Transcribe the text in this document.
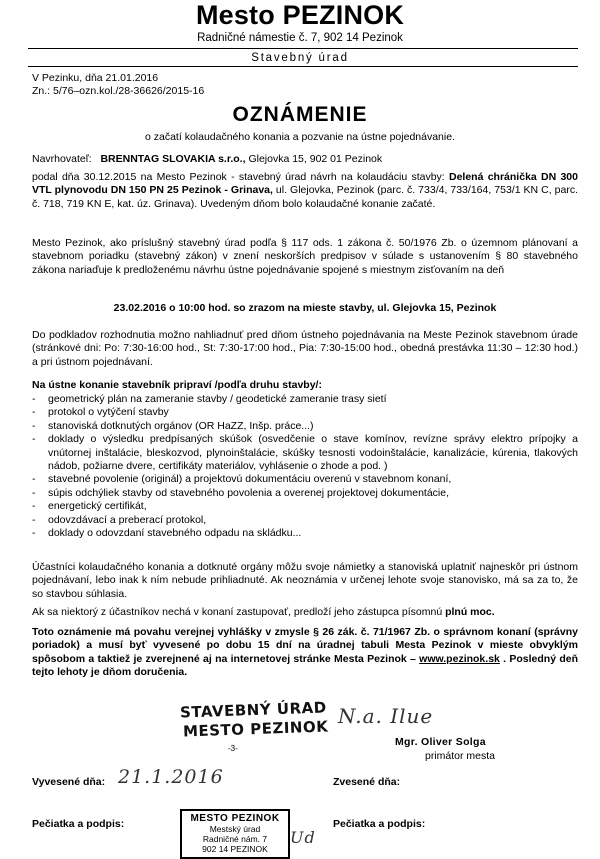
Mesto PEZINOK
Radničné námestie č. 7, 902 14 Pezinok
Stavebný úrad
V Pezinku, dňa 21.01.2016
Zn.: 5/76–ozn.kol./28-36626/2015-16
OZNÁMENIE
o začatí kolaudačného konania a pozvanie na ústne pojednávanie.
Navrhovateľ: BRENNTAG SLOVAKIA s.r.o., Glejovka 15, 902 01 Pezinok
podal dňa 30.12.2015 na Mesto Pezinok - stavebný úrad návrh na kolaudáciu stavby: Delená chránička DN 300 VTL plynovodu DN 150 PN 25 Pezinok - Grinava, ul. Glejovka, Pezinok (parc. č. 733/4, 733/164, 753/1 KN C, parc. č. 718, 719 KN E, kat. úz. Grinava). Uvedeným dňom bolo kolaudačné konanie začaté.
Mesto Pezinok, ako príslušný stavebný úrad podľa § 117 ods. 1 zákona č. 50/1976 Zb. o územnom plánovaní a stavebnom poriadku (stavebný zákon) v znení neskorších predpisov v súlade s ustanovením § 80 stavebného zákona nariaďuje k predloženému návrhu ústne pojednávanie spojené s miestnym zisťovaním na deň
23.02.2016 o 10:00 hod. so zrazom na mieste stavby, ul. Glejovka 15, Pezinok
Do podkladov rozhodnutia možno nahliadnuť pred dňom ústneho pojednávania na Meste Pezinok stavebnom úrade (stránkové dni: Po: 7:30-16:00 hod., St: 7:30-17:00 hod., Pia: 7:30-15:00 hod., obedná prestávka 11:30 – 12:30 hod.) a pri ústnom pojednávaní.
Na ústne konanie stavebník pripraví /podľa druhu stavby/:
- geometrický plán na zameranie stavby / geodetické zameranie trasy sietí
- protokol o vytýčení stavby
- stanoviská dotknutých orgánov (OR HaZZ, Inšp. práce...)
- doklady o výsledku predpísaných skúšok (osvedčenie o stave komínov, revízne správy elektro prípojky a vnútornej inštalácie, bleskozvod, plynoinštalácie, skúšky tesnosti vodoinštalácie, kanalizácie, kúrenia, tlakových nádob, požiarne dvere, certifikáty materiálov, vyhlásenie o zhode a pod. )
- stavebné povolenie (originál) a projektovú dokumentáciu overenú v stavebnom konaní,
- súpis odchýliek stavby od stavebného povolenia a overenej projektovej dokumentácie,
- energetický certifikát,
- odovzdávací a preberací protokol,
- doklady o odovzdaní stavebného odpadu na skládku...
Účastníci kolaudačného konania a dotknuté orgány môžu svoje námietky a stanoviská uplatniť najneskôr pri ústnom pojednávaní, lebo inak k ním nebude prihliadnuté. Ak neoznámia v určenej lehote svoje stanovisko, má sa za to, že so stavbou súhlasia.
Ak sa niektorý z účastníkov nechá v konaní zastupovať, predloží jeho zástupca písomnú plnú moc.
Toto oznámenie má povahu verejnej vyhlášky v zmysle § 26 zák. č. 71/1967 Zb. o správnom konaní (správny poriadok) a musí byť vyvesené po dobu 15 dní na úradnej tabuli Mesta Pezinok v mieste obvyklým spôsobom a taktiež je zverejnené aj na internetovej stránke Mesta Pezinok – www.pezinok.sk . Posledný deň tejto lehoty je dňom doručenia.
STAVEBNÝ ÚRAD
MESTO PEZINOK
-3-
N.a. Ilue
Mgr. Oliver Solga
primátor mesta
Vyvesené dňa: 21.1.2016	Zvesené dňa:
Pečiatka a podpis:	Pečiatka a podpis:
MESTO PEZINOK
Mestský úrad
Radničné nám. 7
902 14 PEZINOK
Ud
